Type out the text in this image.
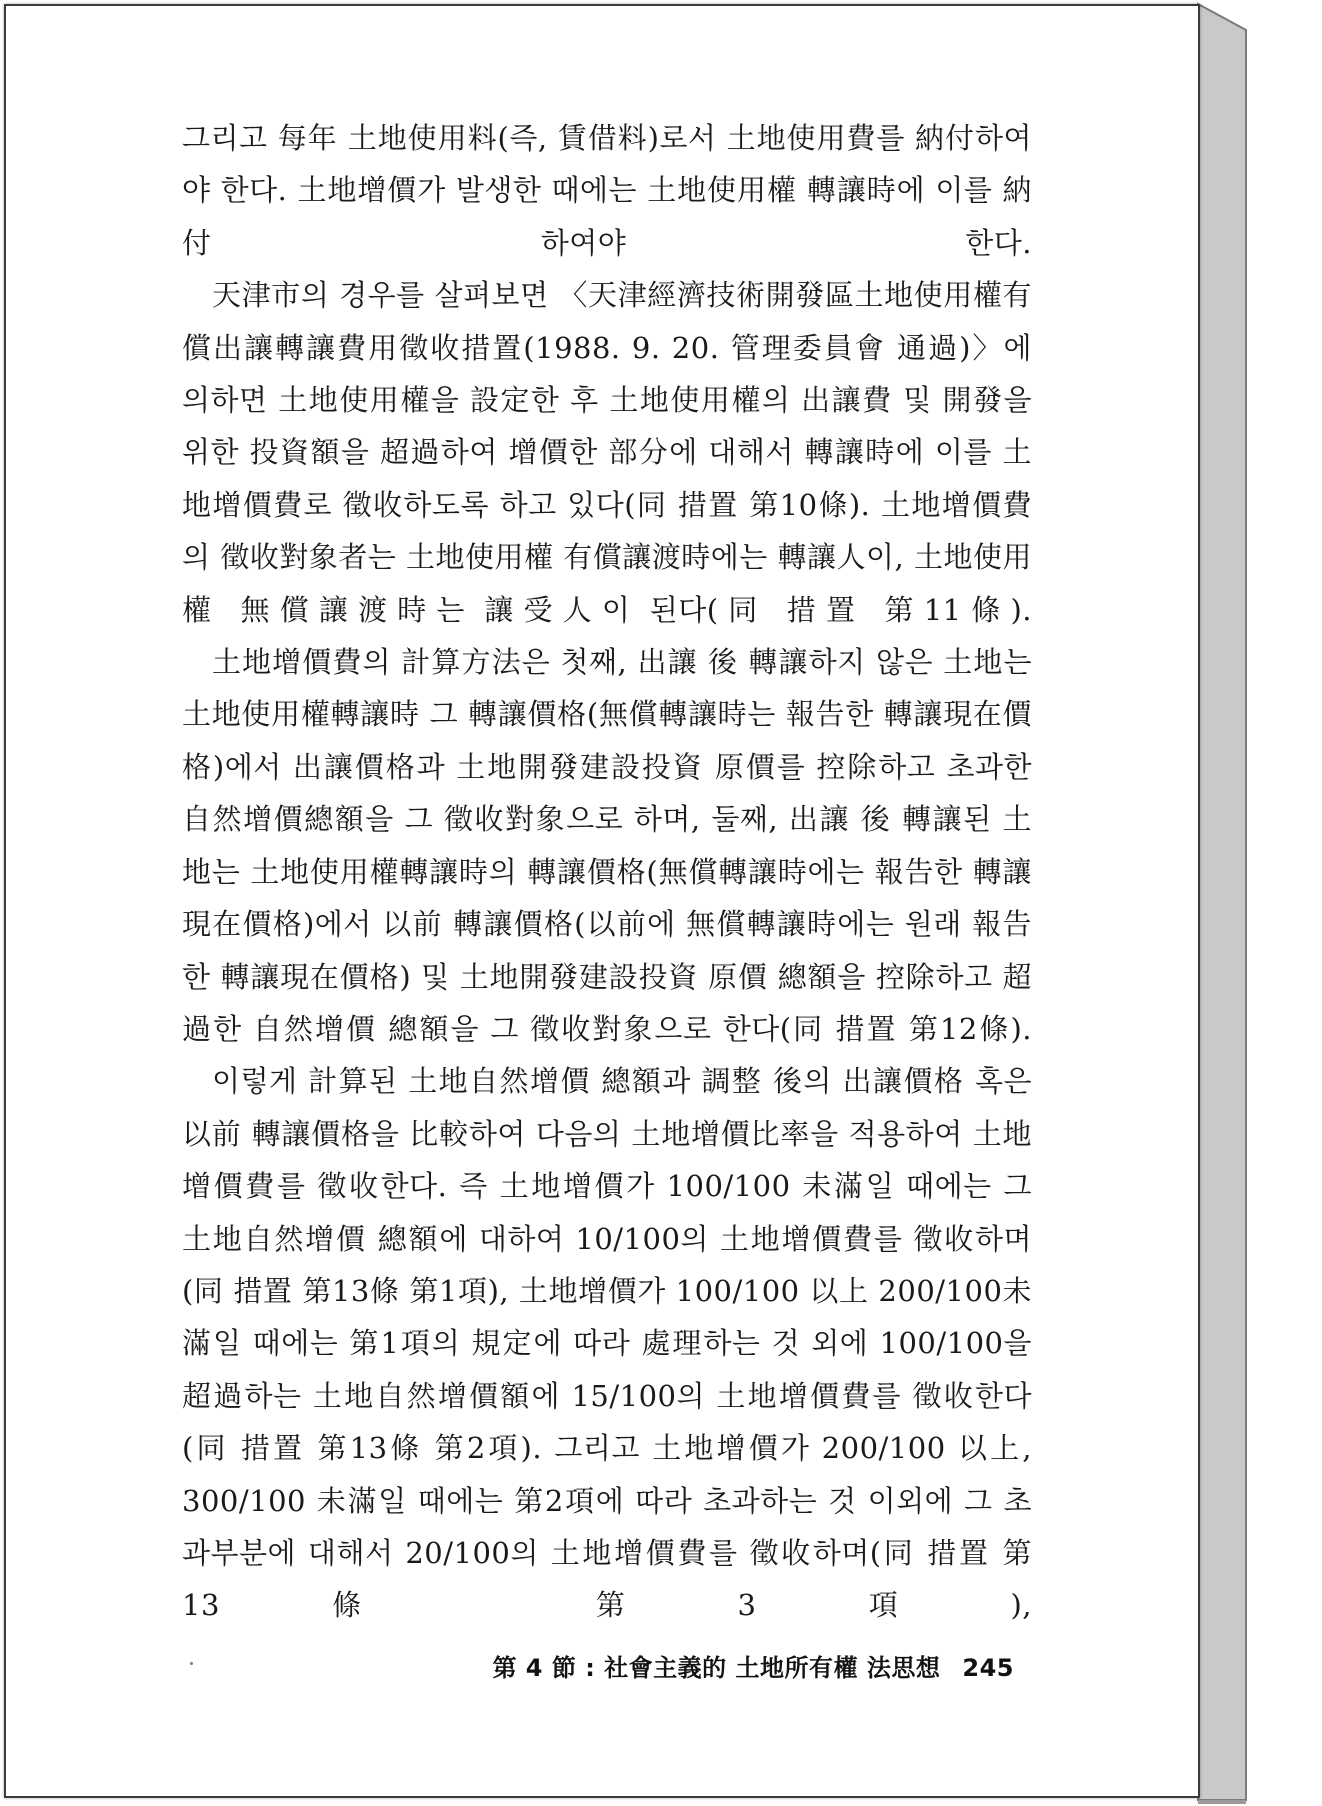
그리고 每年 土地使用料(즉, 賃借料)로서 土地使用費를 納付하여야 한다. 土地增價가 발생한 때에는 土地使用權 轉讓時에 이를 納付하여야 한다.

天津市의 경우를 살펴보면 〈天津經濟技術開發區土地使用權有償出讓轉讓費用徵收措置(1988. 9. 20. 管理委員會 通過)〉에 의하면 土地使用權을 設定한 후 土地使用權의 出讓費 및 開發을 위한 投資額을 超過하여 增價한 部分에 대해서 轉讓時에 이를 土地增價費로 徵收하도록 하고 있다(同 措置 第10條). 土地增價費의 徵收對象者는 土地使用權 有償讓渡時에는 轉讓人이, 土地使用權 無償讓渡時는 讓受人이 된다(同 措置 第11條).

土地增價費의 計算方法은 첫째, 出讓 後 轉讓하지 않은 土地는 土地使用權轉讓時 그 轉讓價格(無償轉讓時는 報告한 轉讓現在價格)에서 出讓價格과 土地開發建設投資 原價를 控除하고 초과한 自然增價總額을 그 徵收對象으로 하며, 둘째, 出讓 後 轉讓된 土地는 土地使用權轉讓時의 轉讓價格(無償轉讓時에는 報告한 轉讓現在價格)에서 以前 轉讓價格(以前에 無償轉讓時에는 원래 報告한 轉讓現在價格) 및 土地開發建設投資 原價 總額을 控除하고 超過한 自然增價 總額을 그 徵收對象으로 한다(同 措置 第12條).

이렇게 計算된 土地自然增價 總額과 調整 後의 出讓價格 혹은 以前 轉讓價格을 比較하여 다음의 土地增價比率을 적용하여 土地增價費를 徵收한다. 즉 土地增價가 100/100 未滿일 때에는 그 土地自然增價 總額에 대하여 10/100의 土地增價費를 徵收하며(同 措置 第13條 第1項), 土地增價가 100/100 以上 200/100未滿일 때에는 第1項의 規定에 따라 處理하는 것 외에 100/100을 超過하는 土地自然增價額에 15/100의 土地增價費를 徵收한다(同 措置 第13條 第2項). 그리고 土地增價가 200/100 以上, 300/100 未滿일 때에는 第2項에 따라 초과하는 것 이외에 그 초과부분에 대해서 20/100의 土地增價費를 徵收하며(同 措置 第13條 第3項),

第 4 節 : 社會主義的 土地所有權 法思想 245
